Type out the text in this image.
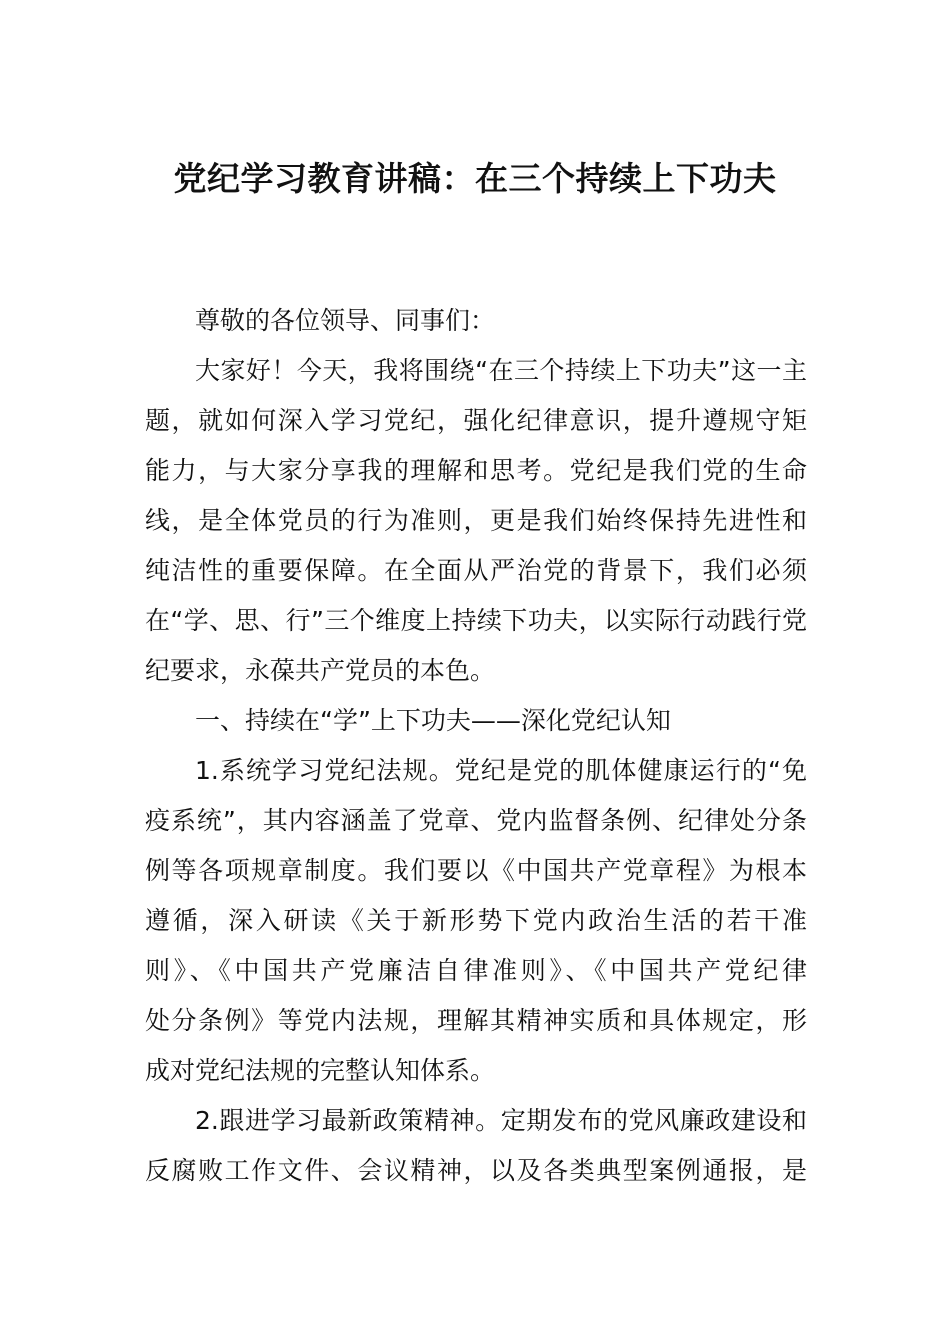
党纪学习教育讲稿：在三个持续上下功夫
尊敬的各位领导、同事们：
大家好！今天，我将围绕“在三个持续上下功夫”这一主
题，就如何深入学习党纪，强化纪律意识，提升遵规守矩
能力，与大家分享我的理解和思考。党纪是我们党的生命
线，是全体党员的行为准则，更是我们始终保持先进性和
纯洁性的重要保障。在全面从严治党的背景下，我们必须
在“学、思、行”三个维度上持续下功夫，以实际行动践行党
纪要求，永葆共产党员的本色。
一、持续在“学”上下功夫——深化党纪认知
1.系统学习党纪法规。党纪是党的肌体健康运行的“免
疫系统”，其内容涵盖了党章、党内监督条例、纪律处分条
例等各项规章制度。我们要以《中国共产党章程》为根本
遵循，深入研读《关于新形势下党内政治生活的若干准
则》、《中国共产党廉洁自律准则》、《中国共产党纪律
处分条例》等党内法规，理解其精神实质和具体规定，形
成对党纪法规的完整认知体系。
2.跟进学习最新政策精神。定期发布的党风廉政建设和
反腐败工作文件、会议精神，以及各类典型案例通报，是
